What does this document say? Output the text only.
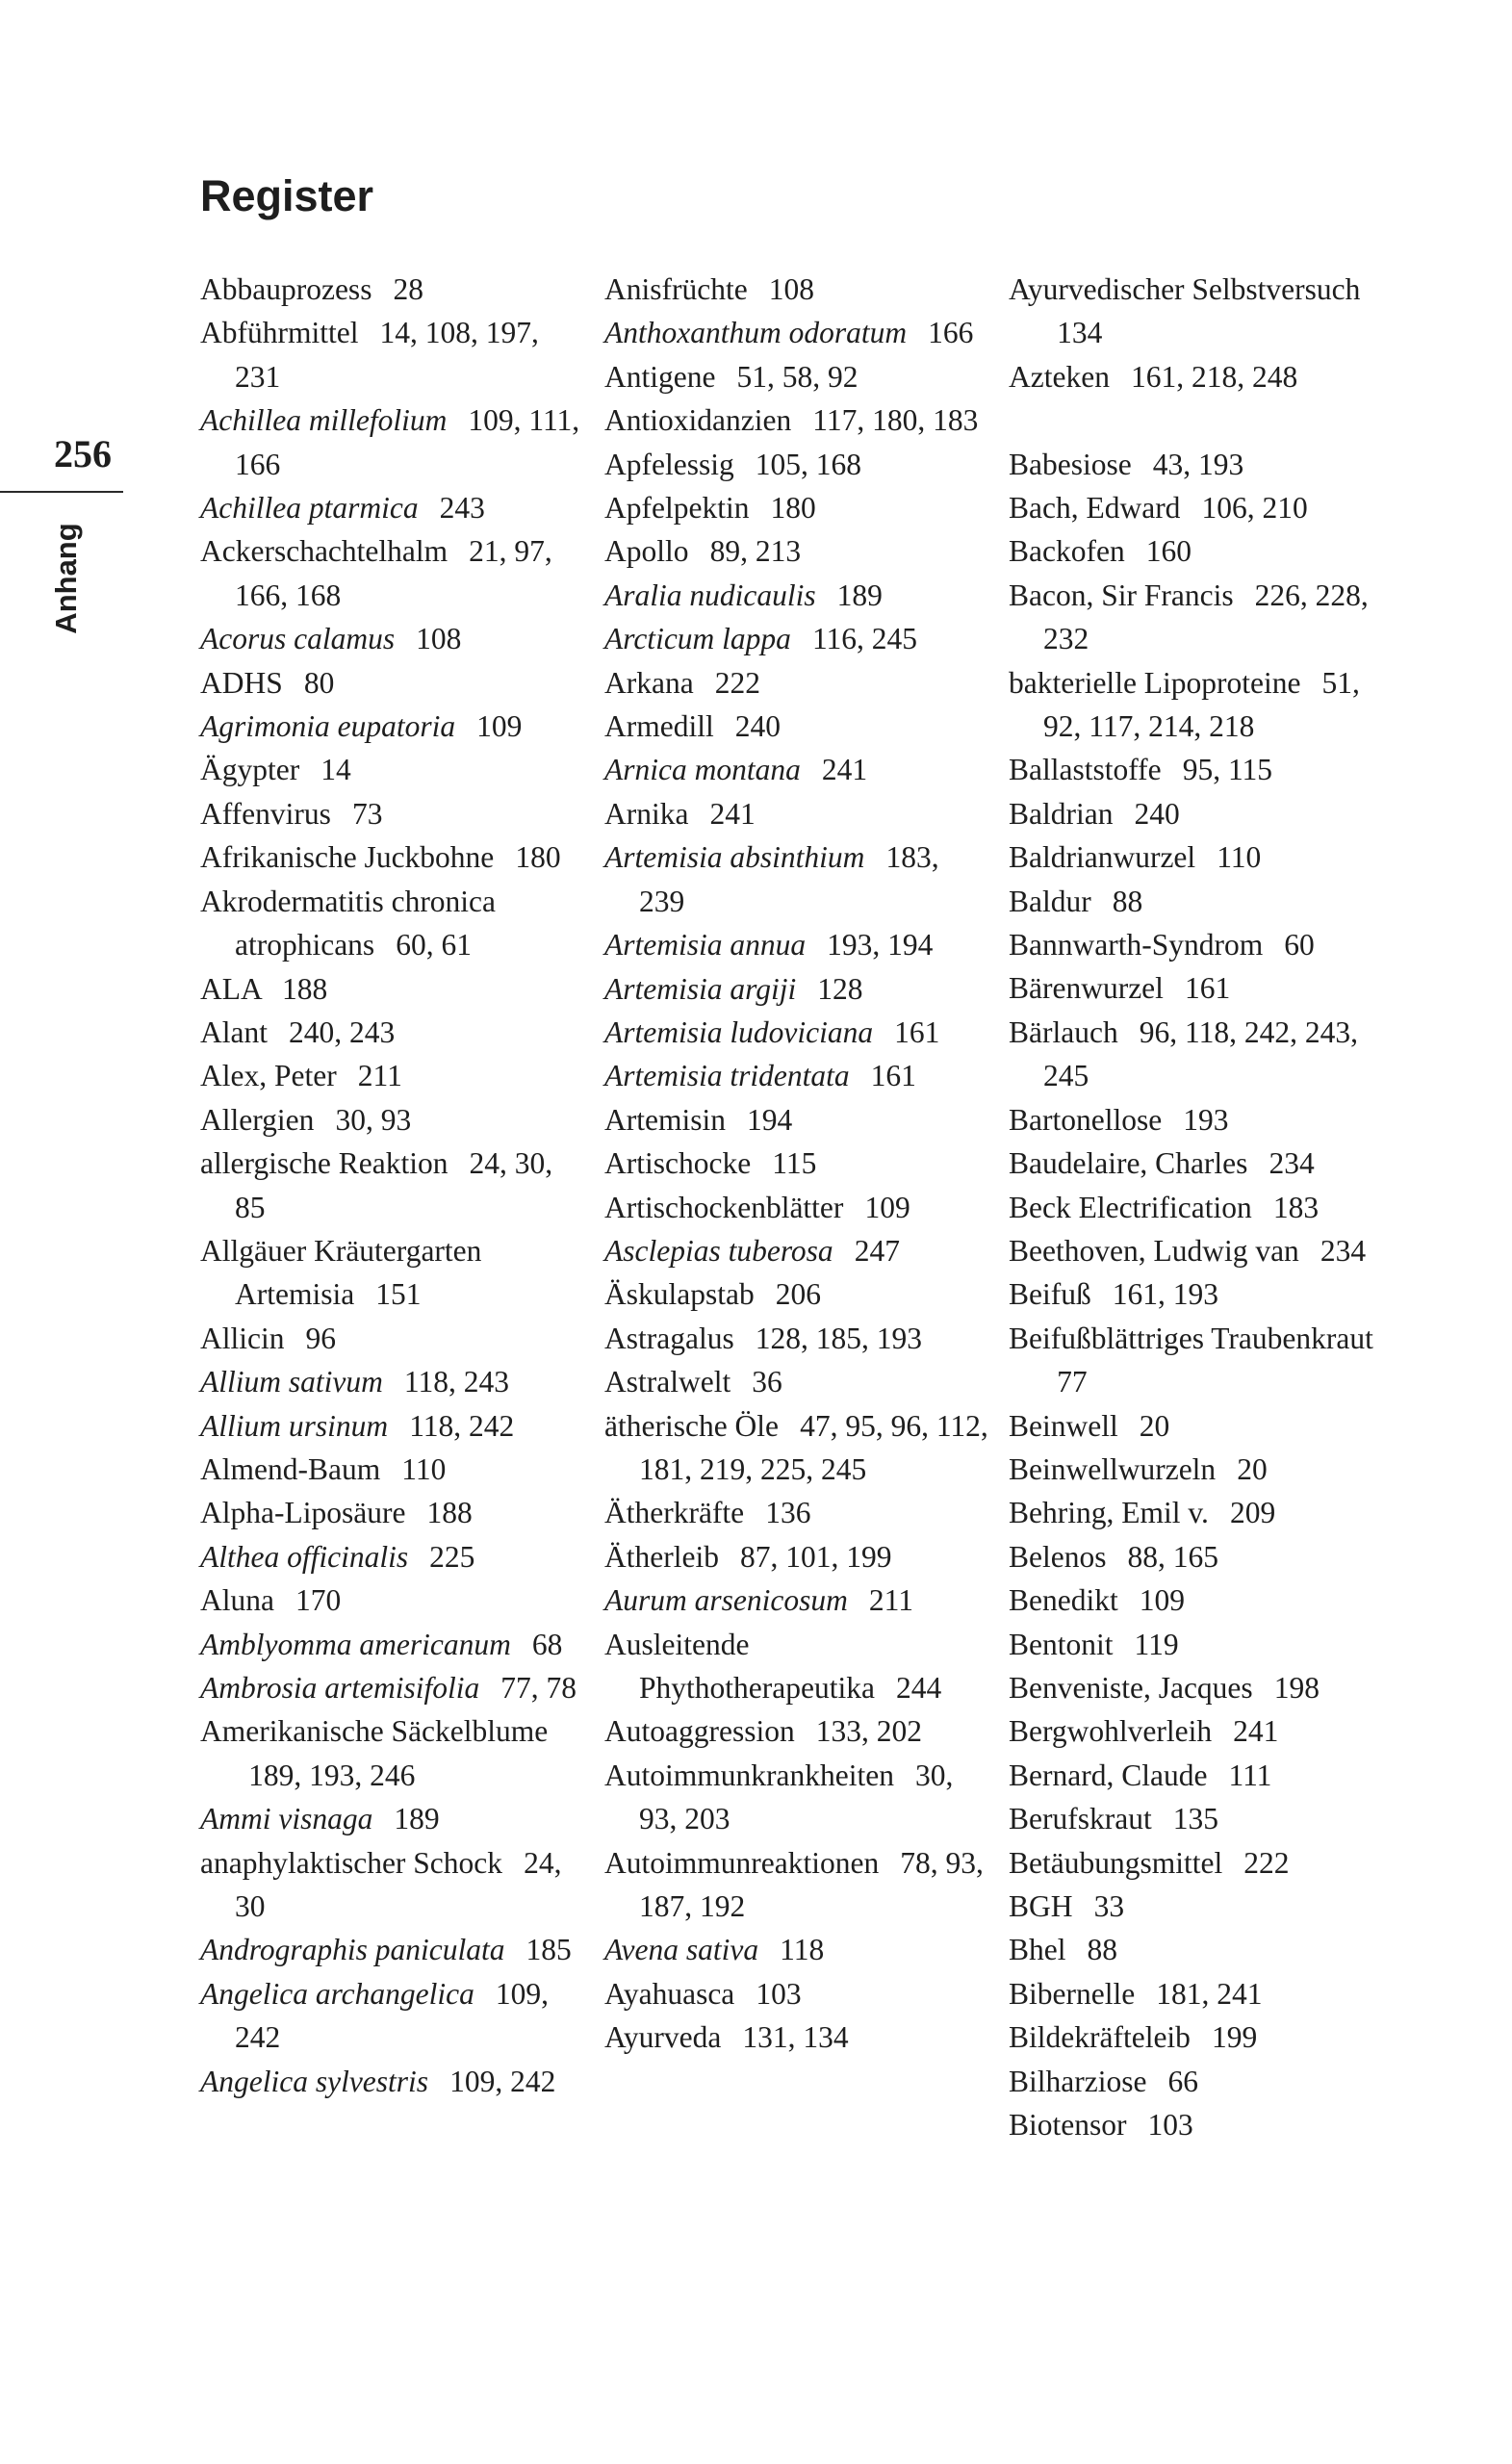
256
Anhang
Register
Abbauprozess 28
Abführmittel 14, 108, 197, 231
Achillea millefolium 109, 111, 166
Achillea ptarmica 243
Ackerschachtelhalm 21, 97, 166, 168
Acorus calamus 108
ADHS 80
Agrimonia eupatoria 109
Ägypter 14
Affenvirus 73
Afrikanische Juckbohne 180
Akrodermatitis chronica atrophicans 60, 61
ALA 188
Alant 240, 243
Alex, Peter 211
Allergien 30, 93
allergische Reaktion 24, 30, 85
Allgäuer Kräutergarten Artemisia 151
Allicin 96
Allium sativum 118, 243
Allium ursinum 118, 242
Almend-Baum 110
Alpha-Liposäure 188
Althea officinalis 225
Aluna 170
Amblyomma americanum 68
Ambrosia artemisifolia 77, 78
Amerikanische Säckelblume 189, 193, 246
Ammi visnaga 189
anaphylaktischer Schock 24, 30
Andrographis paniculata 185
Angelica archangelica 109, 242
Angelica sylvestris 109, 242
Anisfrüchte 108
Anthoxanthum odoratum 166
Antigene 51, 58, 92
Antioxidanzien 117, 180, 183
Apfelessig 105, 168
Apfelpektin 180
Apollo 89, 213
Aralia nudicaulis 189
Arcticum lappa 116, 245
Arkana 222
Armedill 240
Arnica montana 241
Arnika 241
Artemisia absinthium 183, 239
Artemisia annua 193, 194
Artemisia argiji 128
Artemisia ludoviciana 161
Artemisia tridentata 161
Artemisin 194
Artischocke 115
Artischockenblätter 109
Asclepias tuberosa 247
Äskulapstab 206
Astragalus 128, 185, 193
Astralwelt 36
ätherische Öle 47, 95, 96, 112, 181, 219, 225, 245
Ätherkräfte 136
Ätherleib 87, 101, 199
Aurum arsenicosum 211
Ausleitende Phythotherapeutika 244
Autoaggression 133, 202
Autoimmunkrankheiten 30, 93, 203
Autoimmunreaktionen 78, 93, 187, 192
Avena sativa 118
Ayahuasca 103
Ayurveda 131, 134
Ayurvedischer Selbstversuch 134
Azteken 161, 218, 248
Babesiose 43, 193
Bach, Edward 106, 210
Backofen 160
Bacon, Sir Francis 226, 228, 232
bakterielle Lipoproteine 51, 92, 117, 214, 218
Ballaststoffe 95, 115
Baldrian 240
Baldrianwurzel 110
Baldur 88
Bannwarth-Syndrom 60
Bärenwurzel 161
Bärlauch 96, 118, 242, 243, 245
Bartonellose 193
Baudelaire, Charles 234
Beck Electrification 183
Beethoven, Ludwig van 234
Beifuß 161, 193
Beifußblättriges Traubenkraut 77
Beinwell 20
Beinwellwurzeln 20
Behring, Emil v. 209
Belenos 88, 165
Benedikt 109
Bentonit 119
Benveniste, Jacques 198
Bergwohlverleih 241
Bernard, Claude 111
Berufskraut 135
Betäubungsmittel 222
BGH 33
Bhel 88
Bibernelle 181, 241
Bildekräfteleib 199
Bilharziose 66
Biotensor 103
